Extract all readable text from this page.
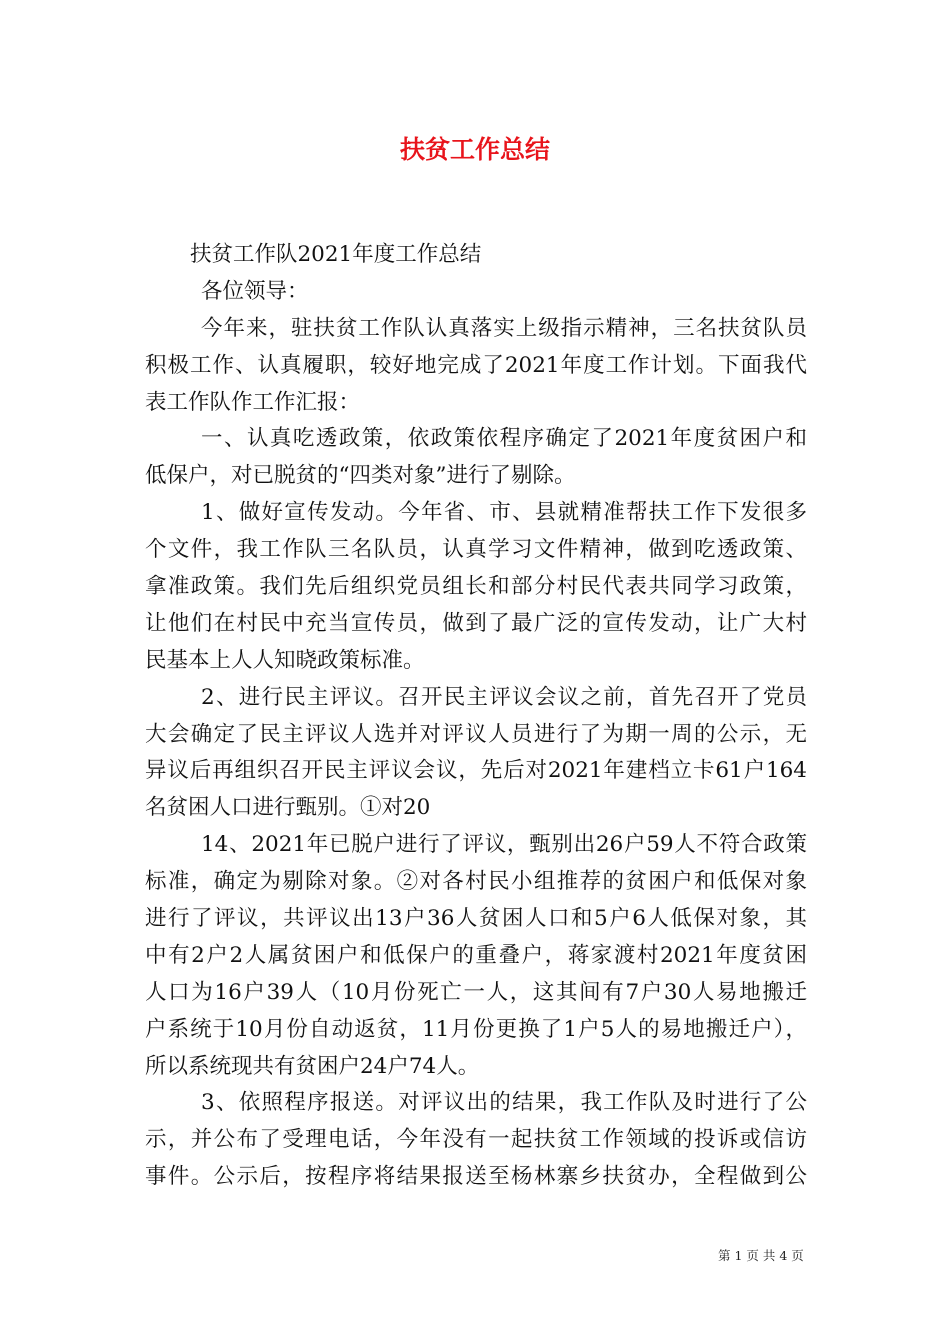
扶贫工作总结
扶贫工作队2021年度工作总结
各位领导：
今年来，驻扶贫工作队认真落实上级指示精神，三名扶贫队员
积极工作、认真履职，较好地完成了2021年度工作计划。下面我代
表工作队作工作汇报：
一、认真吃透政策，依政策依程序确定了2021年度贫困户和
低保户，对已脱贫的“四类对象”进行了剔除。
1、做好宣传发动。今年省、市、县就精准帮扶工作下发很多
个文件，我工作队三名队员，认真学习文件精神，做到吃透政策、
拿准政策。我们先后组织党员组长和部分村民代表共同学习政策，
让他们在村民中充当宣传员，做到了最广泛的宣传发动，让广大村
民基本上人人知晓政策标准。
2、进行民主评议。召开民主评议会议之前，首先召开了党员
大会确定了民主评议人选并对评议人员进行了为期一周的公示，无
异议后再组织召开民主评议会议，先后对2021年建档立卡61户164
名贫困人口进行甄别。①对20
14、2021年已脱户进行了评议，甄别出26户59人不符合政策
标准，确定为剔除对象。②对各村民小组推荐的贫困户和低保对象
进行了评议，共评议出13户36人贫困人口和5户6人低保对象，其
中有2户2人属贫困户和低保户的重叠户，蒋家渡村2021年度贫困
人口为16户39人（10月份死亡一人，这其间有7户30人易地搬迁
户系统于10月份自动返贫，11月份更换了1户5人的易地搬迁户），
所以系统现共有贫困户24户74人。
3、依照程序报送。对评议出的结果，我工作队及时进行了公
示，并公布了受理电话，今年没有一起扶贫工作领域的投诉或信访
事件。公示后，按程序将结果报送至杨林寨乡扶贫办，全程做到公
第 1 页 共 4 页
